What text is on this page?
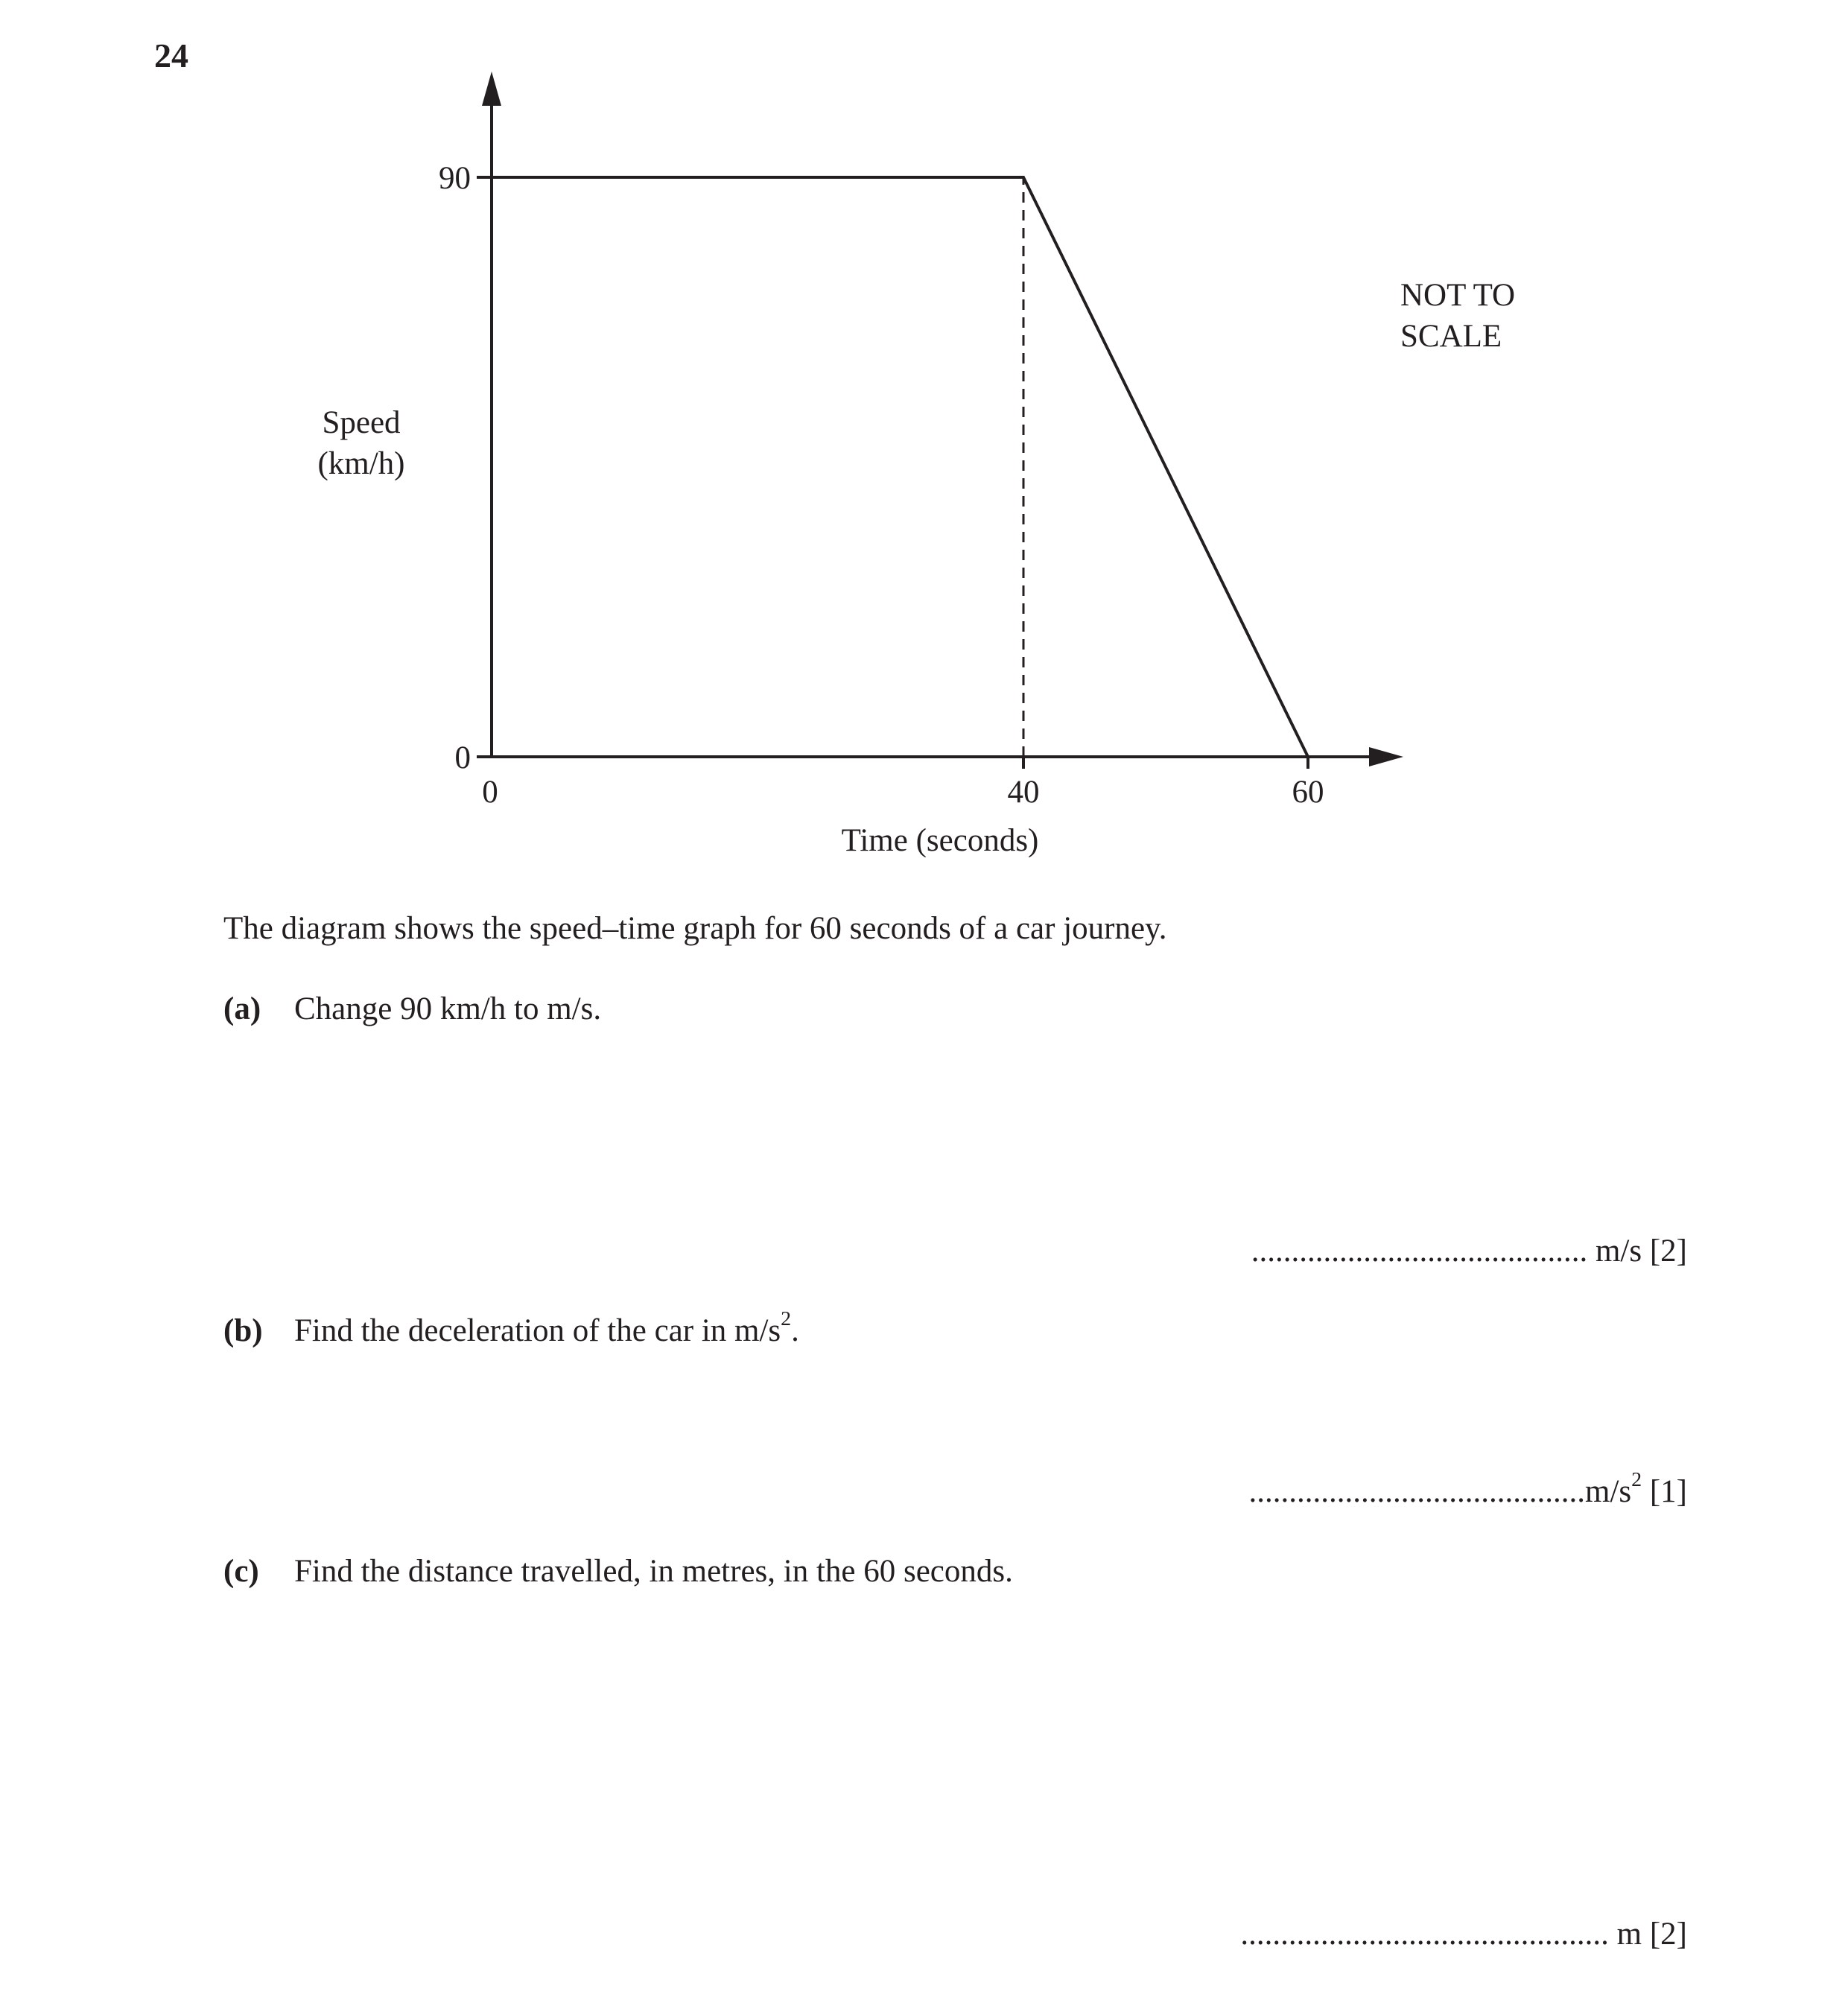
24
90
0
0	40	60
Time (seconds)
Speed
(km/h)
NOT TO
SCALE
The diagram shows the speed–time graph for 60 seconds of a car journey.
(a) Change 90 km/h to m/s.
.......................................... m/s [2]
(b) Find the deceleration of the car in $m/s^2$.
$..........................................m/s^2$ [1]
(c) Find the distance travelled, in metres, in the 60 seconds.
.............................................. m [2]
